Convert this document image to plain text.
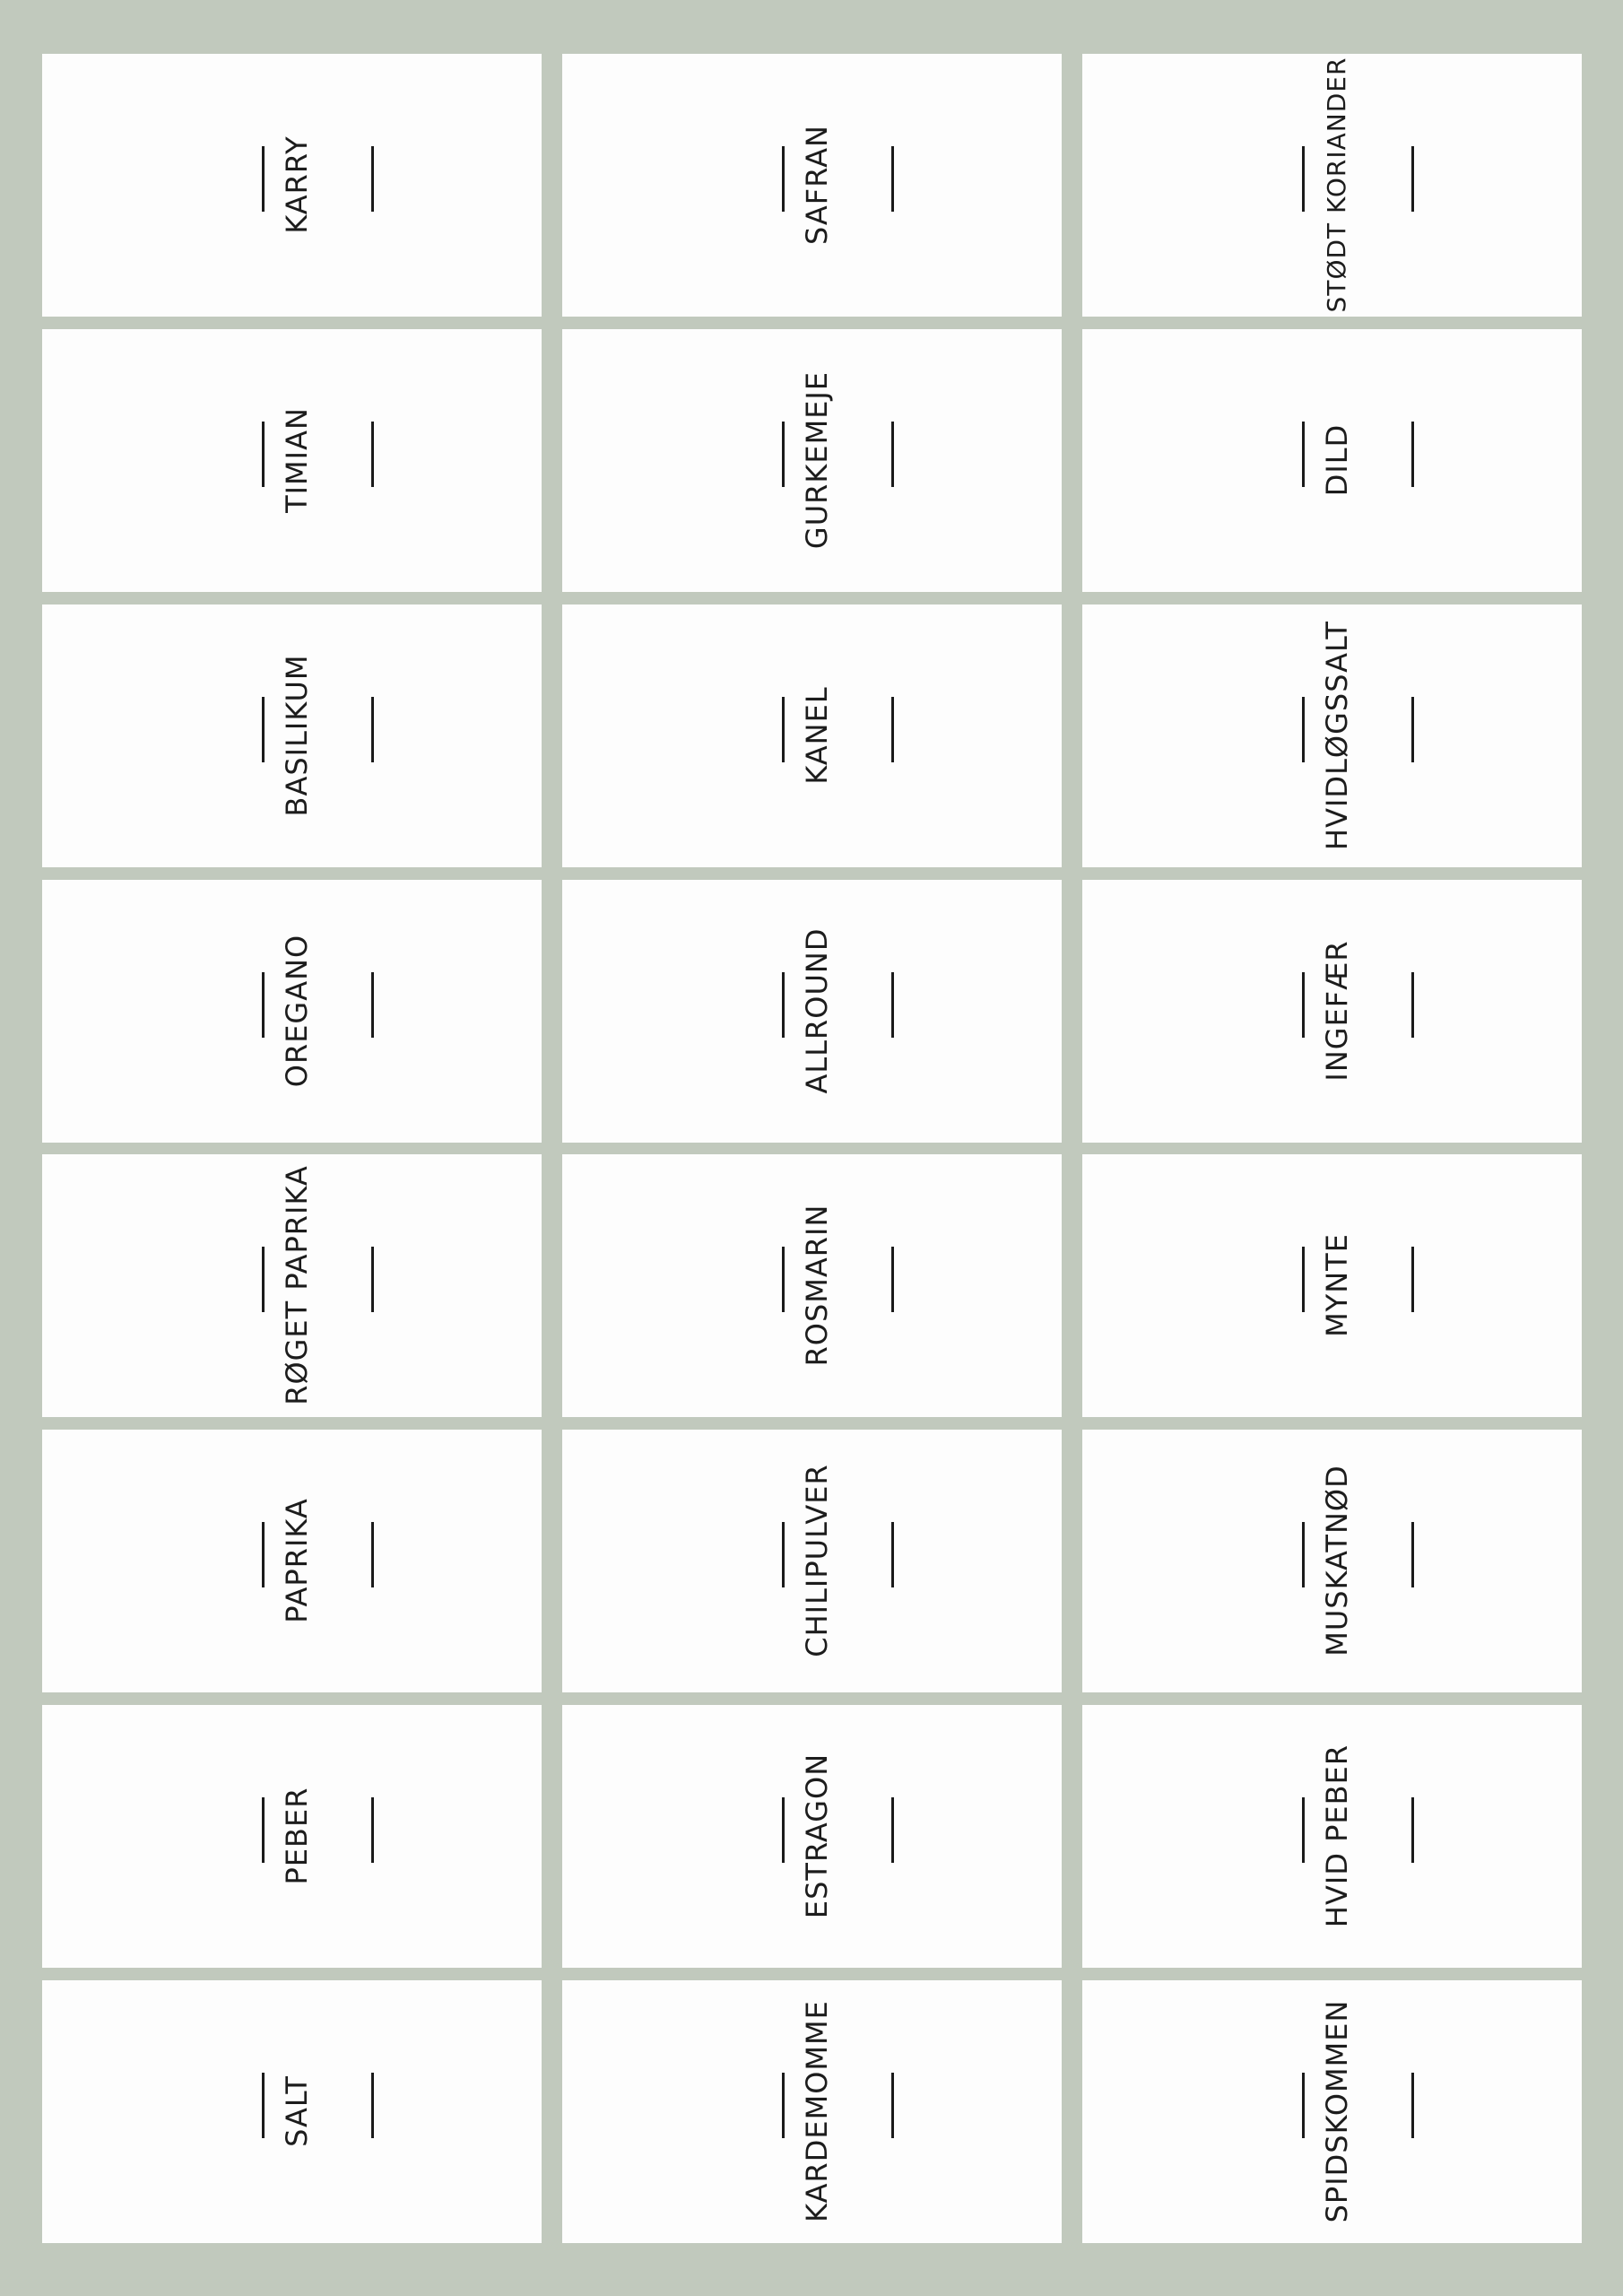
KARRY	SAFRAN	STØDT KORIANDER
TIMIAN	GURKEMEJE	DILD
BASILIKUM	KANEL	HVIDLØGSSALT
OREGANO	ALLROUND	INGEFÆR
RØGET PAPRIKA	ROSMARIN	MYNTE
PAPRIKA	CHILIPULVER	MUSKATNØD
PEBER	ESTRAGON	HVID PEBER
SALT	KARDEMOMME	SPIDSKOMMEN
